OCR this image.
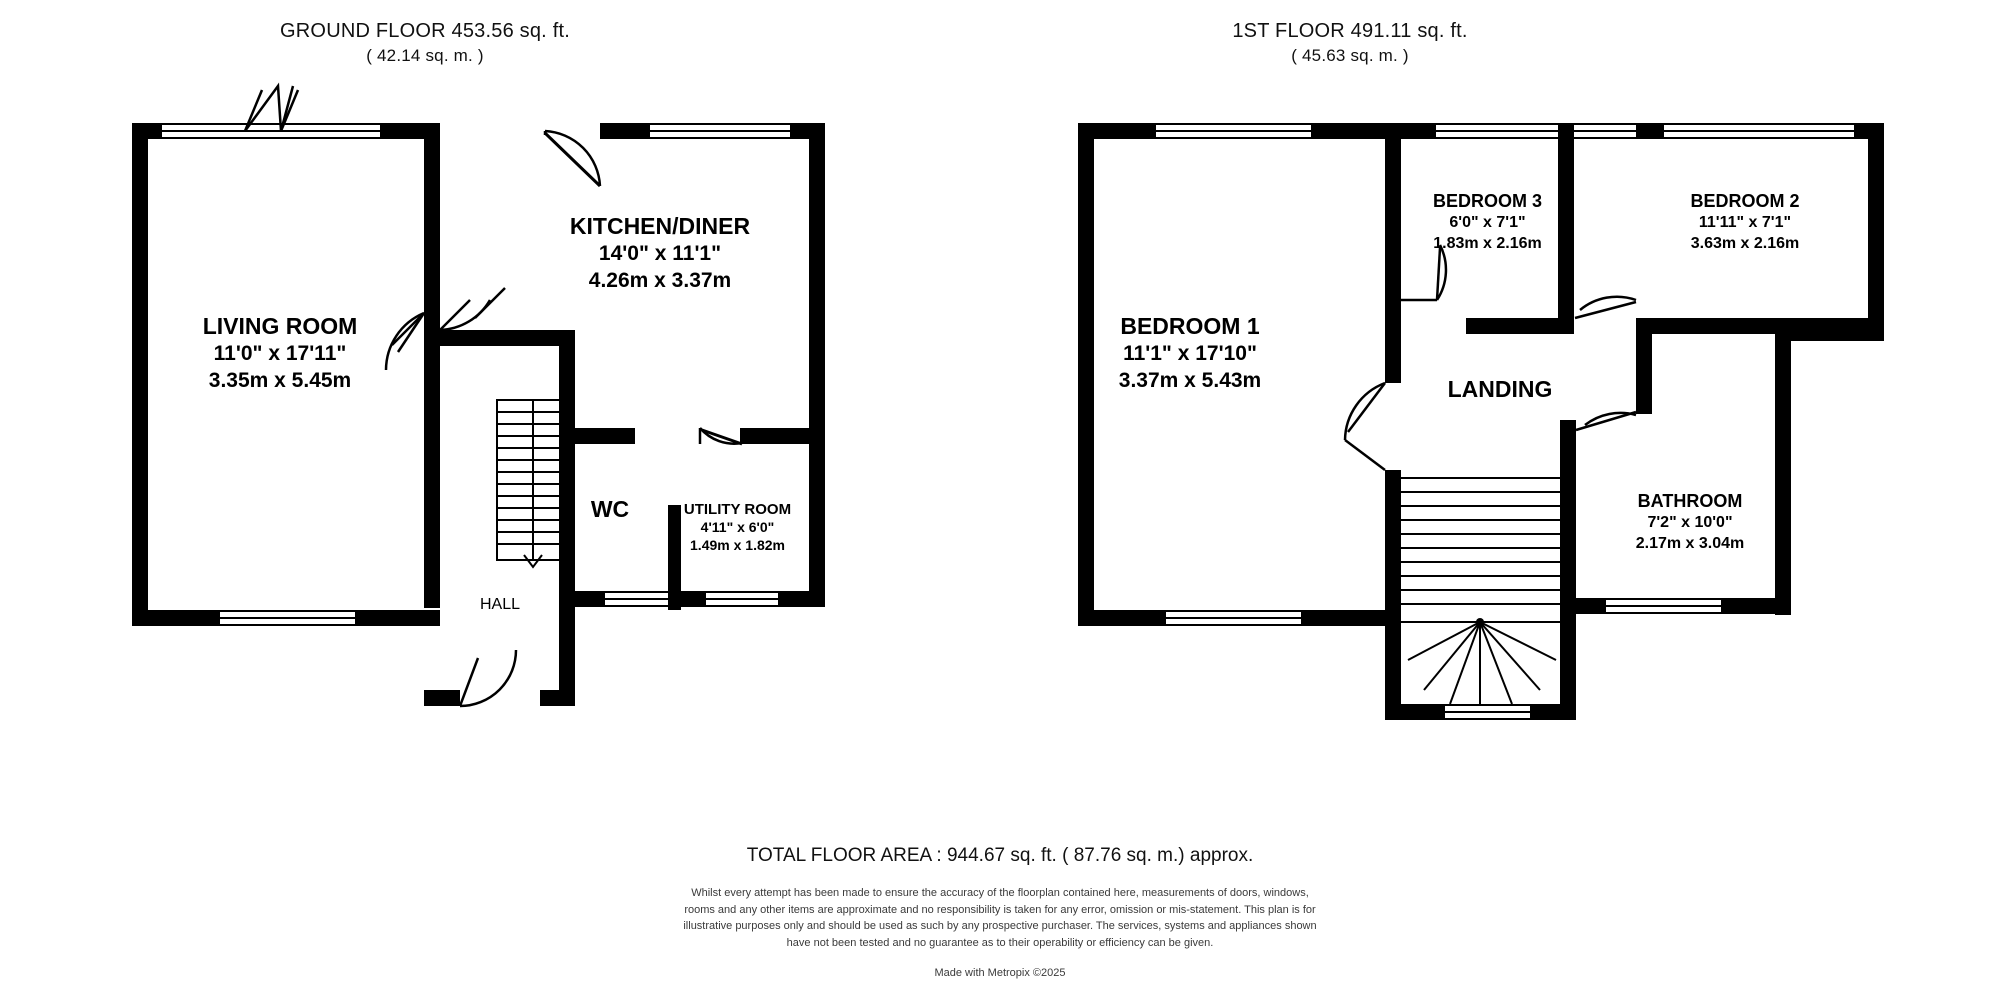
GROUND FLOOR 453.56 sq. ft.
( 42.14 sq. m. )
1ST FLOOR 491.11 sq. ft.
( 45.63 sq. m. )
LIVING ROOM
11'0" x 17'11"
3.35m x 5.45m
KITCHEN/DINER
14'0" x 11'1"
4.26m x 3.37m
WC	UTILITY ROOM
4'11" x 6'0"
1.49m x 1.82m
HALL
BEDROOM 1
11'1" x 17'10"
3.37m x 5.43m
BEDROOM 3
6'0" x 7'1"
1.83m x 2.16m
BEDROOM 2
11'11" x 7'1"
3.63m x 2.16m
LANDING
BATHROOM
7'2" x 10'0"
2.17m x 3.04m
TOTAL FLOOR AREA : 944.67 sq. ft. ( 87.76 sq. m.) approx.
Whilst every attempt has been made to ensure the accuracy of the floorplan contained here, measurements of doors, windows, rooms and any other items are approximate and no responsibility is taken for any error, omission or mis-statement. This plan is for illustrative purposes only and should be used as such by any prospective purchaser. The services, systems and appliances shown have not been tested and no guarantee as to their operability or efficiency can be given.
Made with Metropix ©2025
